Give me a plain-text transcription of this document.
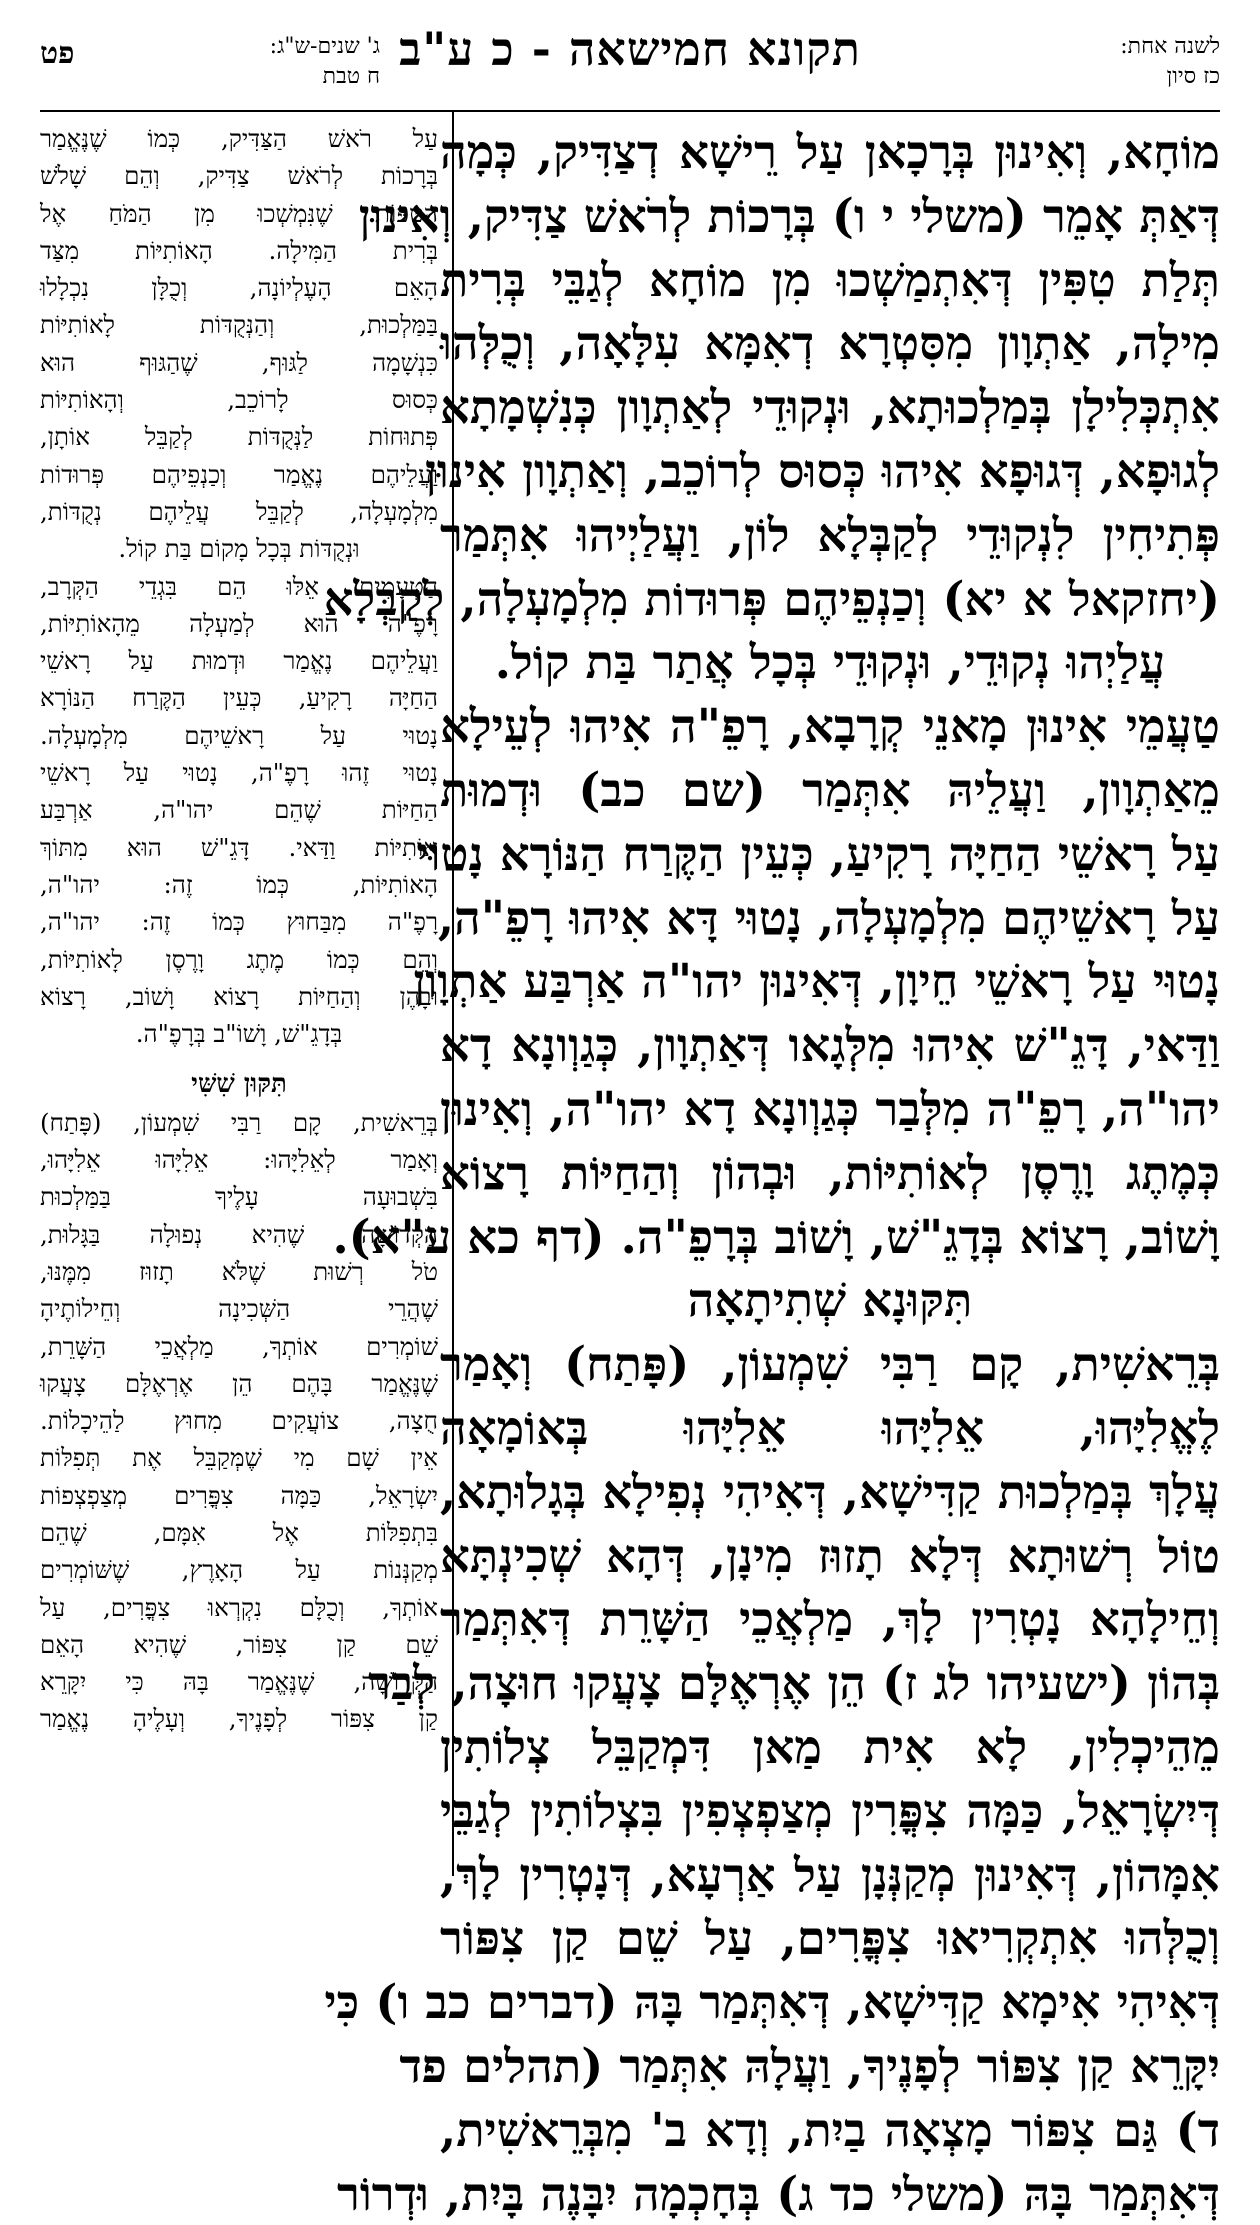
לשנה אחת:
כז סיון
תקונא חמישאה - כ ע"ב
ג' שנים-ש"ג:
ח טבת
פט
מוֹחָא, וְאִינוּן בְּרָכָאן עַל רֵישָׁא דְצַדִּיק, כְּמָה
דְּאַתְּ אָמֵר (משלי י ו) בְּרָכוֹת לְרֹאשׁ צַדִּיק, וְאִינוּן
תְּלַת טִפִּין דְּאִתְמַשְׁכוּ מִן מוֹחָא לְגַבֵּי בְּרִית
מִילָה, אַתְוָון מִסִּטְרָא דְאִמָּא עִלָּאָה, וְכֻלְּהוּ
אִתְכְּלִילָן בְּמַלְכוּתָא, וּנְקוּדֵי לְאַתְוָון כְּנִשְׁמָתָא
לְגוּפָא, דְּגוּפָא אִיהוּ כְּסוּס לְרוֹכֵב, וְאַתְוָון אִינוּן
פְּתִיחִין לִנְקוּדֵי לְקַבְּלָא לוֹן, וַעֲלַיְיהוּ אִתְּמַר
(יחזקאל א יא) וְכַנְפֵיהֶם פְּרוּדוֹת מִלְמָעְלָה, לְקַבְּלָא
עֲלַיְהוּ נְקוּדֵי, וּנְקוּדֵי בְּכָל אֲתַר בַּת קוֹל.
טַעֲמֵי אִינוּן מָאנֵי קְרָבָא, רָפֵ"ה אִיהוּ לְעֵילָא
מֵאַתְוָון, וַעֲלֵיהּ אִתְּמַר (שם כב) וּדְמוּת
עַל רָאשֵׁי הַחַיָּה רָקִיעַ, כְּעֵין הַקֶּרַח הַנּוֹרָא נָטוּי
עַל רָאשֵׁיהֶם מִלְמָעְלָה, נָטוּי דָּא אִיהוּ רָפֵ"ה,
נָטוּי עַל רָאשֵׁי חֵיוָן, דְּאִינוּן יהו"ה אַרְבַּע אַתְוָון
וַדַּאי, דָּגֵ"שׁ אִיהוּ מִלְּגָאו דְּאַתְוָון, כְּגַוְונָא דָא
יהו"ה, רָפֵ"ה מִלְּבַר כְּגַוְונָא דָא יהו"ה, וְאִינוּן
כְּמֶתֶג וָרֶסֶן לְאוֹתִיּוֹת, וּבְהוֹן וְהַחַיּוֹת רָצוֹא
וָשׁוֹב, רָצוֹא בְּדָגֵ"שׁ, וָשׁוֹב בְּרָפֵ"ה. (דף כא ע"א).
תִּקּוּנָא שְׁתִיתָאָה
בְּרֵאשִׁית, קָם רַבִּי שִׁמְעוֹן, (פָּתַח) וְאָמַר
לֶאֱלִיָּהוּ, אֵלִיָּהוּ אֵלִיָּהוּ בְּאוֹמָאָה
עֲלָךְ בְּמַלְכוּת קַדִּישָׁא, דְּאִיהִי נְפִילָא בְּגָלוּתָא,
טוֹל רְשׁוּתָא דְּלָא תָזוּז מִינָן, דְּהָא שְׁכִינְתָּא
וְחֵילָהָא נָטְרִין לָךְ, מַלְאֲכֵי הַשָּׁרֵת דְּאִתְּמַר
בְּהוֹן (ישעיהו לג ז) הֵן אֶרְאֶלָּם צָעֲקוּ חוּצָה, לְבַר
מֵהֵיכְלִין, לָא אִית מַאן דִּמְקַבֵּל צְלוֹתִין
דְּיִשְׂרָאֵל, כַּמָּה צִפֳּרִין מְצַפְצְפִין בִּצְלוֹתִין לְגַבֵּי
אִמָּהוֹן, דְּאִינוּן מְקַנְּנָן עַל אַרְעָא, דְּנָטְרִין לָךְ,
וְכֻלְּהוּ אִתְקְרִיאוּ צִפֳּרִים, עַל שֵׁם קַן צִפּוֹר
דְּאִיהִי אִימָא קַדִּישָׁא, דְּאִתְּמַר בָּהּ (דברים כב ו) כִּי
יִקָּרֵא קַן צִפּוֹר לְפָנֶיךָ, וַעֲלָהּ אִתְּמַר (תהלים פד
ד) גַּם צִפּוֹר מָצְאָה בַיִת, וְדָא ב' מִבְּרֵאשִׁית,
דְּאִתְּמַר בָּהּ (משלי כד ג) בְּחָכְמָה יִבָּנֶה בָּיִת, וּדְרוֹר
עַל רֹאשׁ הַצַּדִּיק, כְּמוֹ שֶׁנֶּאֱמַר
בְּרָכוֹת לְרֹאשׁ צַדִּיק, וְהֵם שָׁלֹשׁ
הַטִּפּוֹת שֶׁנִּמְשְׁכוּ מִן הַמֹּחַ אֶל
בְּרִית הַמִּילָה. הָאוֹתִיּוֹת מִצַּד
הָאֵם הָעֶלְיוֹנָה, וְכֻלָּן נִכְלָלוּ
בַּמַּלְכוּת, וְהַנְּקֻדּוֹת לָאוֹתִיּוֹת
כִּנְשָׁמָה לַגּוּף, שֶׁהַגּוּף הוּא
כְּסוּס לָרוֹכֵב, וְהָאוֹתִיּוֹת
פְּתוּחוֹת לַנְּקֻדּוֹת לְקַבֵּל אוֹתָן,
וַעֲלֵיהֶם נֶאֱמַר וְכַנְפֵיהֶם פְּרוּדוֹת
מִלְמָעְלָה, לְקַבֵּל עֲלֵיהֶם נְקֻדּוֹת,
וּנְקֻדּוֹת בְּכָל מָקוֹם בַּת קוֹל.
הַטְּעָמִים אֵלּוּ הֵם בִּגְדֵי הַקְּרָב,
רָפֶ"ה הוּא לְמַעְלָה מֵהָאוֹתִיּוֹת,
וַעֲלֵיהֶם נֶאֱמַר וּדְמוּת עַל רָאשֵׁי
הַחַיָּה רָקִיעַ, כְּעֵין הַקֶּרַח הַנּוֹרָא
נָטוּי עַל רָאשֵׁיהֶם מִלְמָעְלָה.
נָטוּי זֶהוּ רָפֶ"ה, נָטוּי עַל רָאשֵׁי
הַחַיּוֹת שֶׁהֵם יהו"ה, אַרְבַּע
אוֹתִיּוֹת וַדַּאי. דָּגֵ"שׁ הוּא מִתּוֹךְ
הָאוֹתִיּוֹת, כְּמוֹ זֶה: יהו"ה,
רָפֶ"ה מִבַּחוּץ כְּמוֹ זֶה: יהו"ה,
וְהֵם כְּמוֹ מֶתֶג וָרֶסֶן לָאוֹתִיּוֹת,
וּבָהֶן וְהַחַיּוֹת רָצוֹא וָשׁוֹב, רָצוֹא
בְּדָגֵ"שׁ, וָשׁוֹ"ב בְּרָפֶ"ה.
תִּקּוּן שִׁשִּׁי
בְּרֵאשִׁית, קָם רַבִּי שִׁמְעוֹן, (פָּתַח)
וְאָמַר לְאֵלִיָּהוּ: אֵלִיָּהוּ אֵלִיָּהוּ,
בִּשְׁבוּעָה עָלֶיךָ בַּמַּלְכוּת
הַקְּדוֹשָׁה, שֶׁהִיא נְפוּלָה בַּגָּלוּת,
טֹל רְשׁוּת שֶׁלֹּא תָזוּז מִמֶּנּוּ,
שֶׁהֲרֵי הַשְּׁכִינָה וְחֵילוֹתֶיהָ
שׁוֹמְרִים אוֹתְךָ, מַלְאֲכֵי הַשָּׁרֵת,
שֶׁנֶּאֱמַר בָּהֶם הֵן אֶרְאֶלָּם צָעֲקוּ
חֻצָה, צוֹעֲקִים מִחוּץ לַהֵיכָלוֹת.
אֵין שָׁם מִי שֶׁמְּקַבֵּל אֶת תְּפִלּוֹת
יִשְׂרָאֵל, כַּמָּה צִפֳּרִים מְצַפְצְפוֹת
בִּתְפִלּוֹת אֶל אִמָּם, שֶׁהֵם
מְקַנְּנוֹת עַל הָאָרֶץ, שֶׁשּׁוֹמְרִים
אוֹתְךָ, וְכֻלָּם נִקְרְאוּ צִפֳּרִים, עַל
שֵׁם קַן צִפּוֹר, שֶׁהִיא הָאֵם
הַקְּדוֹשָׁה, שֶׁנֶּאֱמַר בָּהּ כִּי יִקָּרֵא
קַן צִפּוֹר לְפָנֶיךָ, וְעָלֶיהָ נֶאֱמַר
